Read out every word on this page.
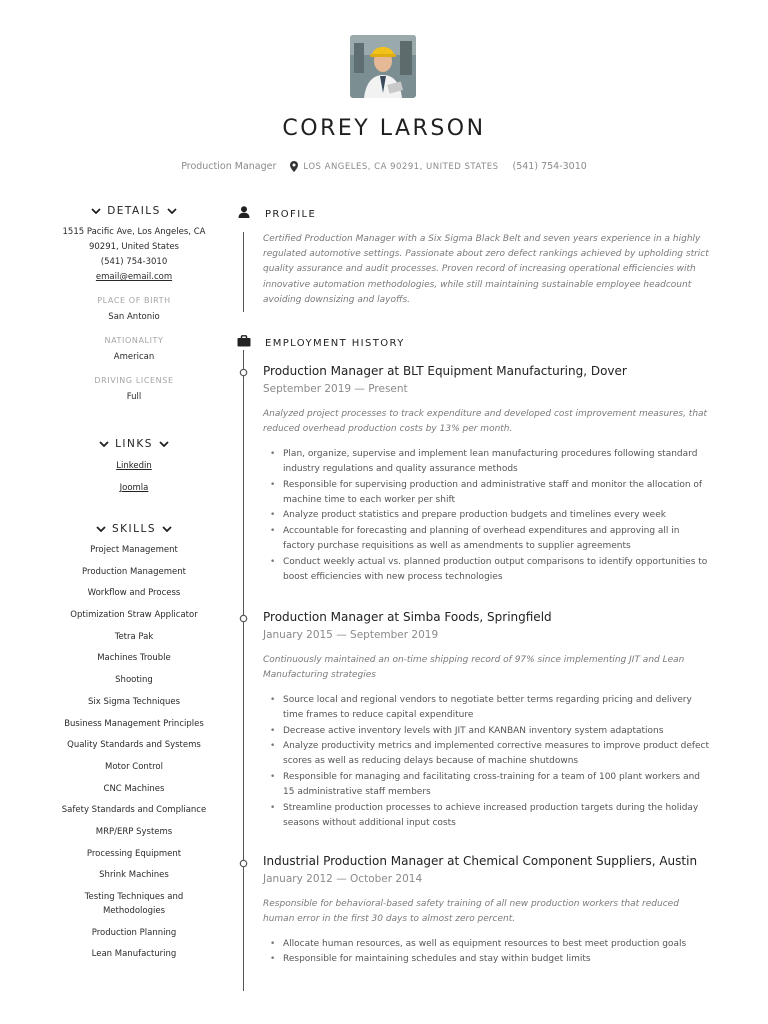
COREY LARSON
Production Manager	LOS ANGELES, CA 90291, UNITED STATES (541) 754-3010
DETAILS
1515 Pacific Ave, Los Angeles, CA
90291, United States
(541) 754-3010
email@email.com
PLACE OF BIRTH
San Antonio
NATIONALITY
American
DRIVING LICENSE
Full
LINKS
Linkedin
Joomla
SKILLS
Project Management
Production Management
Workflow and Process
Optimization Straw Applicator
Tetra Pak
Machines Trouble
Shooting
Six Sigma Techniques
Business Management Principles
Quality Standards and Systems
Motor Control
CNC Machines
Safety Standards and Compliance
MRP/ERP Systems
Processing Equipment
Shrink Machines
Testing Techniques and Methodologies
Production Planning
Lean Manufacturing
PROFILE
Certified Production Manager with a Six Sigma Black Belt and seven years experience in a highly regulated automotive settings. Passionate about zero defect rankings achieved by upholding strict quality assurance and audit processes. Proven record of increasing operational efficiencies with innovative automation methodologies, while still maintaining sustainable employee headcount avoiding downsizing and layoffs.
EMPLOYMENT HISTORY
Production Manager at BLT Equipment Manufacturing, Dover
September 2019 — Present
Analyzed project processes to track expenditure and developed cost improvement measures, that reduced overhead production costs by 13% per month.
• Plan, organize, supervise and implement lean manufacturing procedures following standard industry regulations and quality assurance methods
• Responsible for supervising production and administrative staff and monitor the allocation of machine time to each worker per shift
• Analyze product statistics and prepare production budgets and timelines every week
• Accountable for forecasting and planning of overhead expenditures and approving all in factory purchase requisitions as well as amendments to supplier agreements
• Conduct weekly actual vs. planned production output comparisons to identify opportunities to boost efficiencies with new process technologies
Production Manager at Simba Foods, Springfield
January 2015 — September 2019
Continuously maintained an on-time shipping record of 97% since implementing JIT and Lean Manufacturing strategies
• Source local and regional vendors to negotiate better terms regarding pricing and delivery time frames to reduce capital expenditure
• Decrease active inventory levels with JIT and KANBAN inventory system adaptations
• Analyze productivity metrics and implemented corrective measures to improve product defect scores as well as reducing delays because of machine shutdowns
• Responsible for managing and facilitating cross-training for a team of 100 plant workers and 15 administrative staff members
• Streamline production processes to achieve increased production targets during the holiday seasons without additional input costs
Industrial Production Manager at Chemical Component Suppliers, Austin
January 2012 — October 2014
Responsible for behavioral-based safety training of all new production workers that reduced human error in the first 30 days to almost zero percent.
• Allocate human resources, as well as equipment resources to best meet production goals
• Responsible for maintaining schedules and stay within budget limits
